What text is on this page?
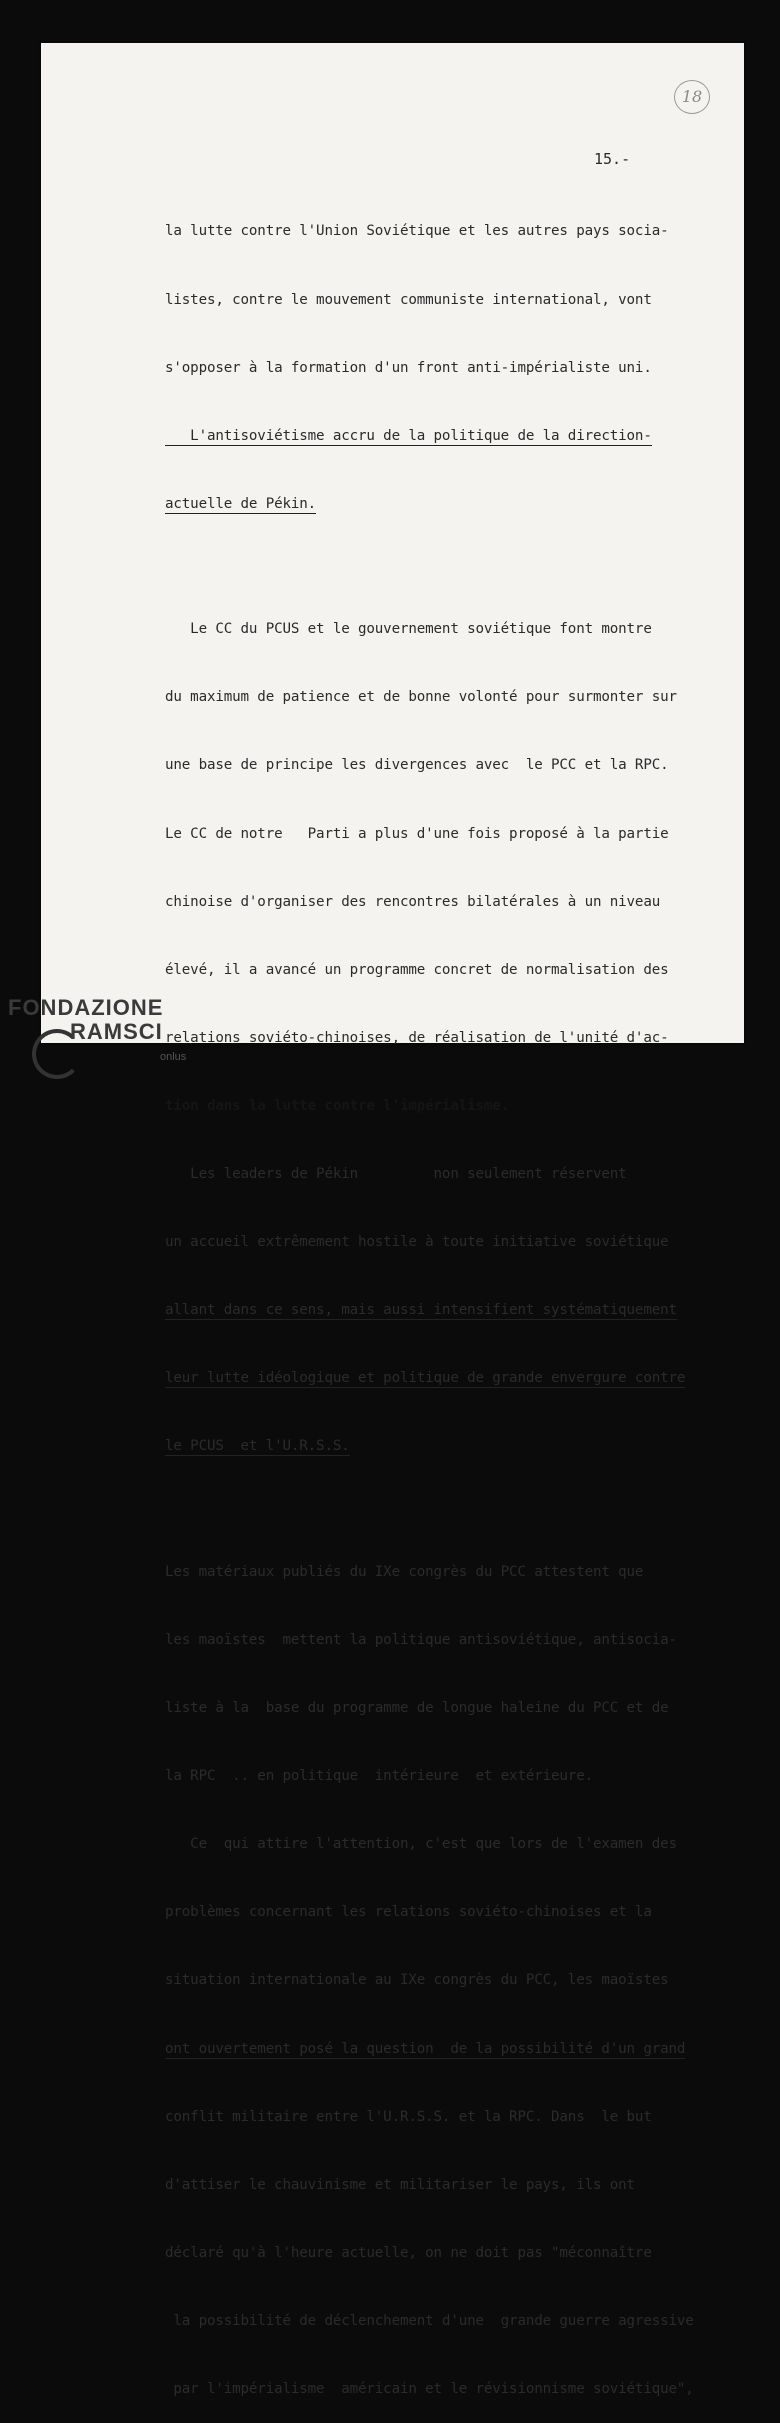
18
15.-

la lutte contre l'Union Soviétique et les autres pays socia-

listes, contre le mouvement communiste international, vont

s'opposer à la formation d'un front anti-impérialiste uni.

L'antisoviétisme accru de la politique de la direction-

actuelle de Pékin.

Le CC du PCUS et le gouvernement soviétique font montre

du maximum de patience et de bonne volonté pour surmonter sur

une base de principe les divergences avec  le PCC et la RPC.

Le CC de notre   Parti a plus d'une fois proposé à la partie

chinoise d'organiser des rencontres bilatérales à un niveau

élevé, il a avancé un programme concret de normalisation des

relations soviéto-chinoises, de réalisation de l'unité d'ac-

tion dans la lutte contre l'impérialisme.

Les leaders de Pékin         non seulement réservent

un accueil extrêmement hostile à toute initiative soviétique

allant dans ce sens, mais aussi intensifient systématiquement

leur lutte idéologique et politique de grande envergure contre

le PCUS  et l'U.R.S.S.

Les matériaux publiés du IXe congrès du PCC attestent que

les maoïstes  mettent la politique antisoviétique, antisocia-

liste à la  base du programme de longue haleine du PCC et de

la RPC  .. en politique  intérieure  et extérieure.

Ce  qui attire l'attention, c'est que lors de l'examen des

problèmes concernant les relations soviéto-chinoises et la

situation internationale au IXe congrès du PCC, les maoïstes

ont ouvertement posé la question  de la possibilité d'un grand

conflit militaire entre l'U.R.S.S. et la RPC. Dans  le but

d'attiser le chauvinisme et militariser le pays, ils ont

déclaré qu'à l'heure actuelle, on ne doit pas "méconnaître

la possibilité de déclenchement d'une  grande guerre agressive

par l'impérialisme  américain et le révisionnisme soviétique",

FONDAZIONE
RAMSCI
onlus
